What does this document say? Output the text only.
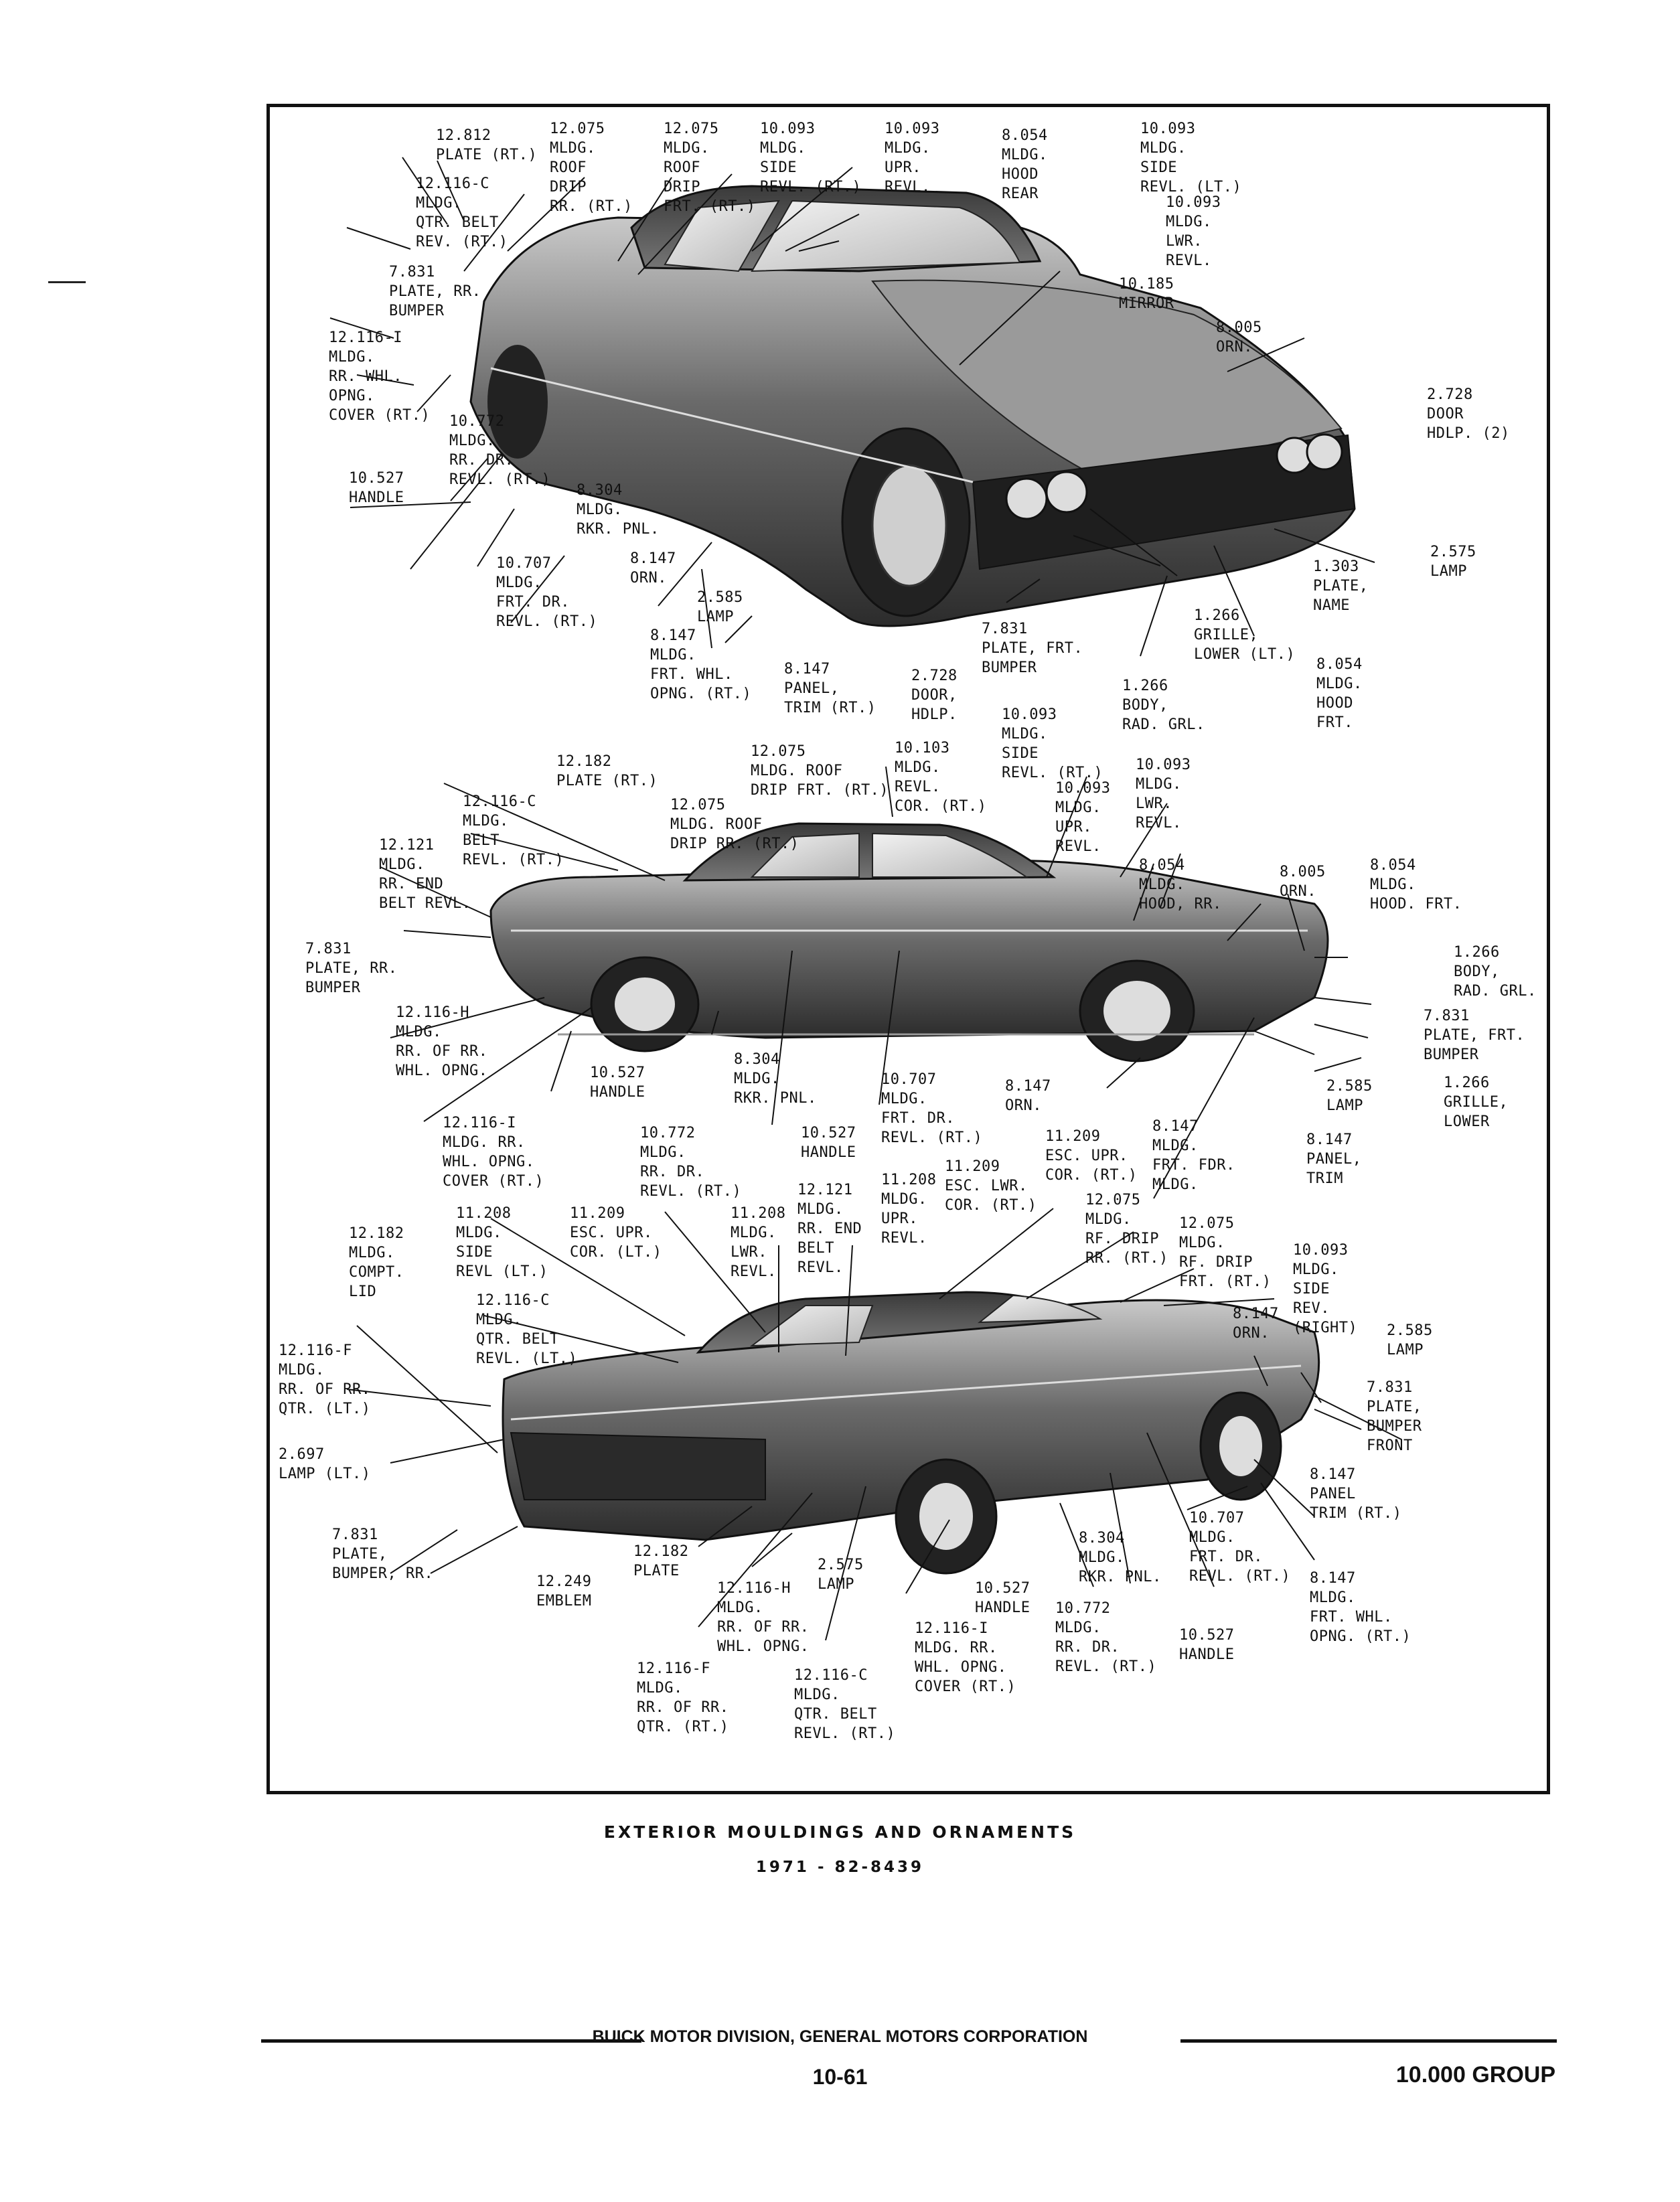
12.812
PLATE (RT.)
12.075
MLDG.
ROOF
DRIP
RR. (RT.)
12.075
MLDG.
ROOF
DRIP
FRT. (RT.)
10.093
MLDG.
SIDE
REVL. (RT.)
10.093
MLDG.
UPR.
REVL.
8.054
MLDG.
HOOD
REAR
10.093
MLDG.
SIDE
REVL. (LT.)
10.093
MLDG.
LWR.
REVL.
10.185
MIRROR
12.116-C
MLDG.
QTR. BELT
REV. (RT.)
7.831
PLATE, RR.
BUMPER
12.116-I
MLDG.
RR. WHL.
OPNG.
COVER (RT.) 10.772
MLDG.
RR. DR.
REVL. (RT.)
10.527
HANDLE	8.304
MLDG.
RKR. PNL.
10.707
MLDG.
FRT. DR.
REVL. (RT.)
8.147
ORN.
2.585
LAMP
8.147
MLDG.
FRT. WHL.
OPNG. (RT.)
8.147
PANEL,
TRIM (RT.)
2.728
DOOR,
HDLP.
7.831
PLATE, FRT.
BUMPER
1.266
BODY,
RAD. GRL.
1.266
GRILLE,
LOWER (LT.)
8.054
MLDG.
HOOD
FRT.
1.303
PLATE,
NAME
2.575
LAMP
8.005
ORN.
2.728
DOOR
HDLP. (2)
12.182
PLATE (RT.)
12.116-C
MLDG.
BELT
REVL. (RT.)
12.121
MLDG.
RR. END
BELT REVL.
12.075
MLDG. ROOF
DRIP FRT. (RT.)
12.075
MLDG. ROOF
DRIP RR. (RT.)
10.103
MLDG.
REVL.
COR. (RT.)
10.093
MLDG.
SIDE
REVL. (RT.)
10.093
MLDG.
UPR.
REVL.
10.093
MLDG.
LWR.
REVL.
8.054
MLDG.
HOOD, RR.
8.005
ORN.
8.054
MLDG.
HOOD. FRT.
1.266
BODY,
RAD. GRL.
7.831
PLATE, FRT.
BUMPER
1.266
GRILLE,
LOWER
7.831
PLATE, RR.
BUMPER
12.116-H
MLDG.
RR. OF RR.
WHL. OPNG.	10.527
HANDLE
8.304
MLDG.
RKR. PNL.
10.707
MLDG.
FRT. DR.
REVL. (RT.)
8.147
ORN.
2.585
LAMP
8.147
PANEL,
TRIM
12.116-I
MLDG. RR.
WHL. OPNG.
COVER (RT.)
10.772
MLDG.
RR. DR.
REVL. (RT.)
10.527
HANDLE
11.209
ESC. UPR.
COR. (RT.)
8.147
MLDG.
FRT. FDR.
MLDG.
11.209
ESC. LWR.
COR. (RT.)
11.208
MLDG.
UPR.
REVL.
12.121
MLDG.
RR. END
BELT
REVL.
12.075
MLDG.
RF. DRIP
RR. (RT.)
12.075
MLDG.
RF. DRIP
FRT. (RT.)
10.093
MLDG.
SIDE
REV.
(RIGHT)
11.208
MLDG.
SIDE
REVL (LT.)
11.209
ESC. UPR.
COR. (LT.)
11.208
MLDG.
LWR.
REVL.
12.182
MLDG.
COMPT.
LID
12.116-C
MLDG.
QTR. BELT
REVL. (LT.)
12.116-F
MLDG.
RR. OF RR.
QTR. (LT.)
2.697
LAMP (LT.)
8.147
ORN.	2.585
LAMP
7.831
PLATE,
BUMPER
FRONT
8.147
PANEL
TRIM (RT.)
7.831
PLATE,
BUMPER, RR.	12.249
EMBLEM
12.182
PLATE	2.575
LAMP
12.116-H
MLDG.
RR. OF RR.
WHL. OPNG.
10.527
HANDLE
8.304
MLDG.
RKR. PNL.
10.707
MLDG.
FRT. DR.
REVL. (RT.) 8.147
MLDG.
FRT. WHL.
OPNG. (RT.)
12.116-I
MLDG. RR.
WHL. OPNG.
COVER (RT.)
10.772
MLDG.
RR. DR.
REVL. (RT.)
10.527
HANDLE
12.116-F
MLDG.
RR. OF RR.
QTR. (RT.)
12.116-C
MLDG.
QTR. BELT
REVL. (RT.)
EXTERIOR MOULDINGS AND ORNAMENTS
1971 - 82-8439
BUICK MOTOR DIVISION, GENERAL MOTORS CORPORATION
10-61	10.000 GROUP
